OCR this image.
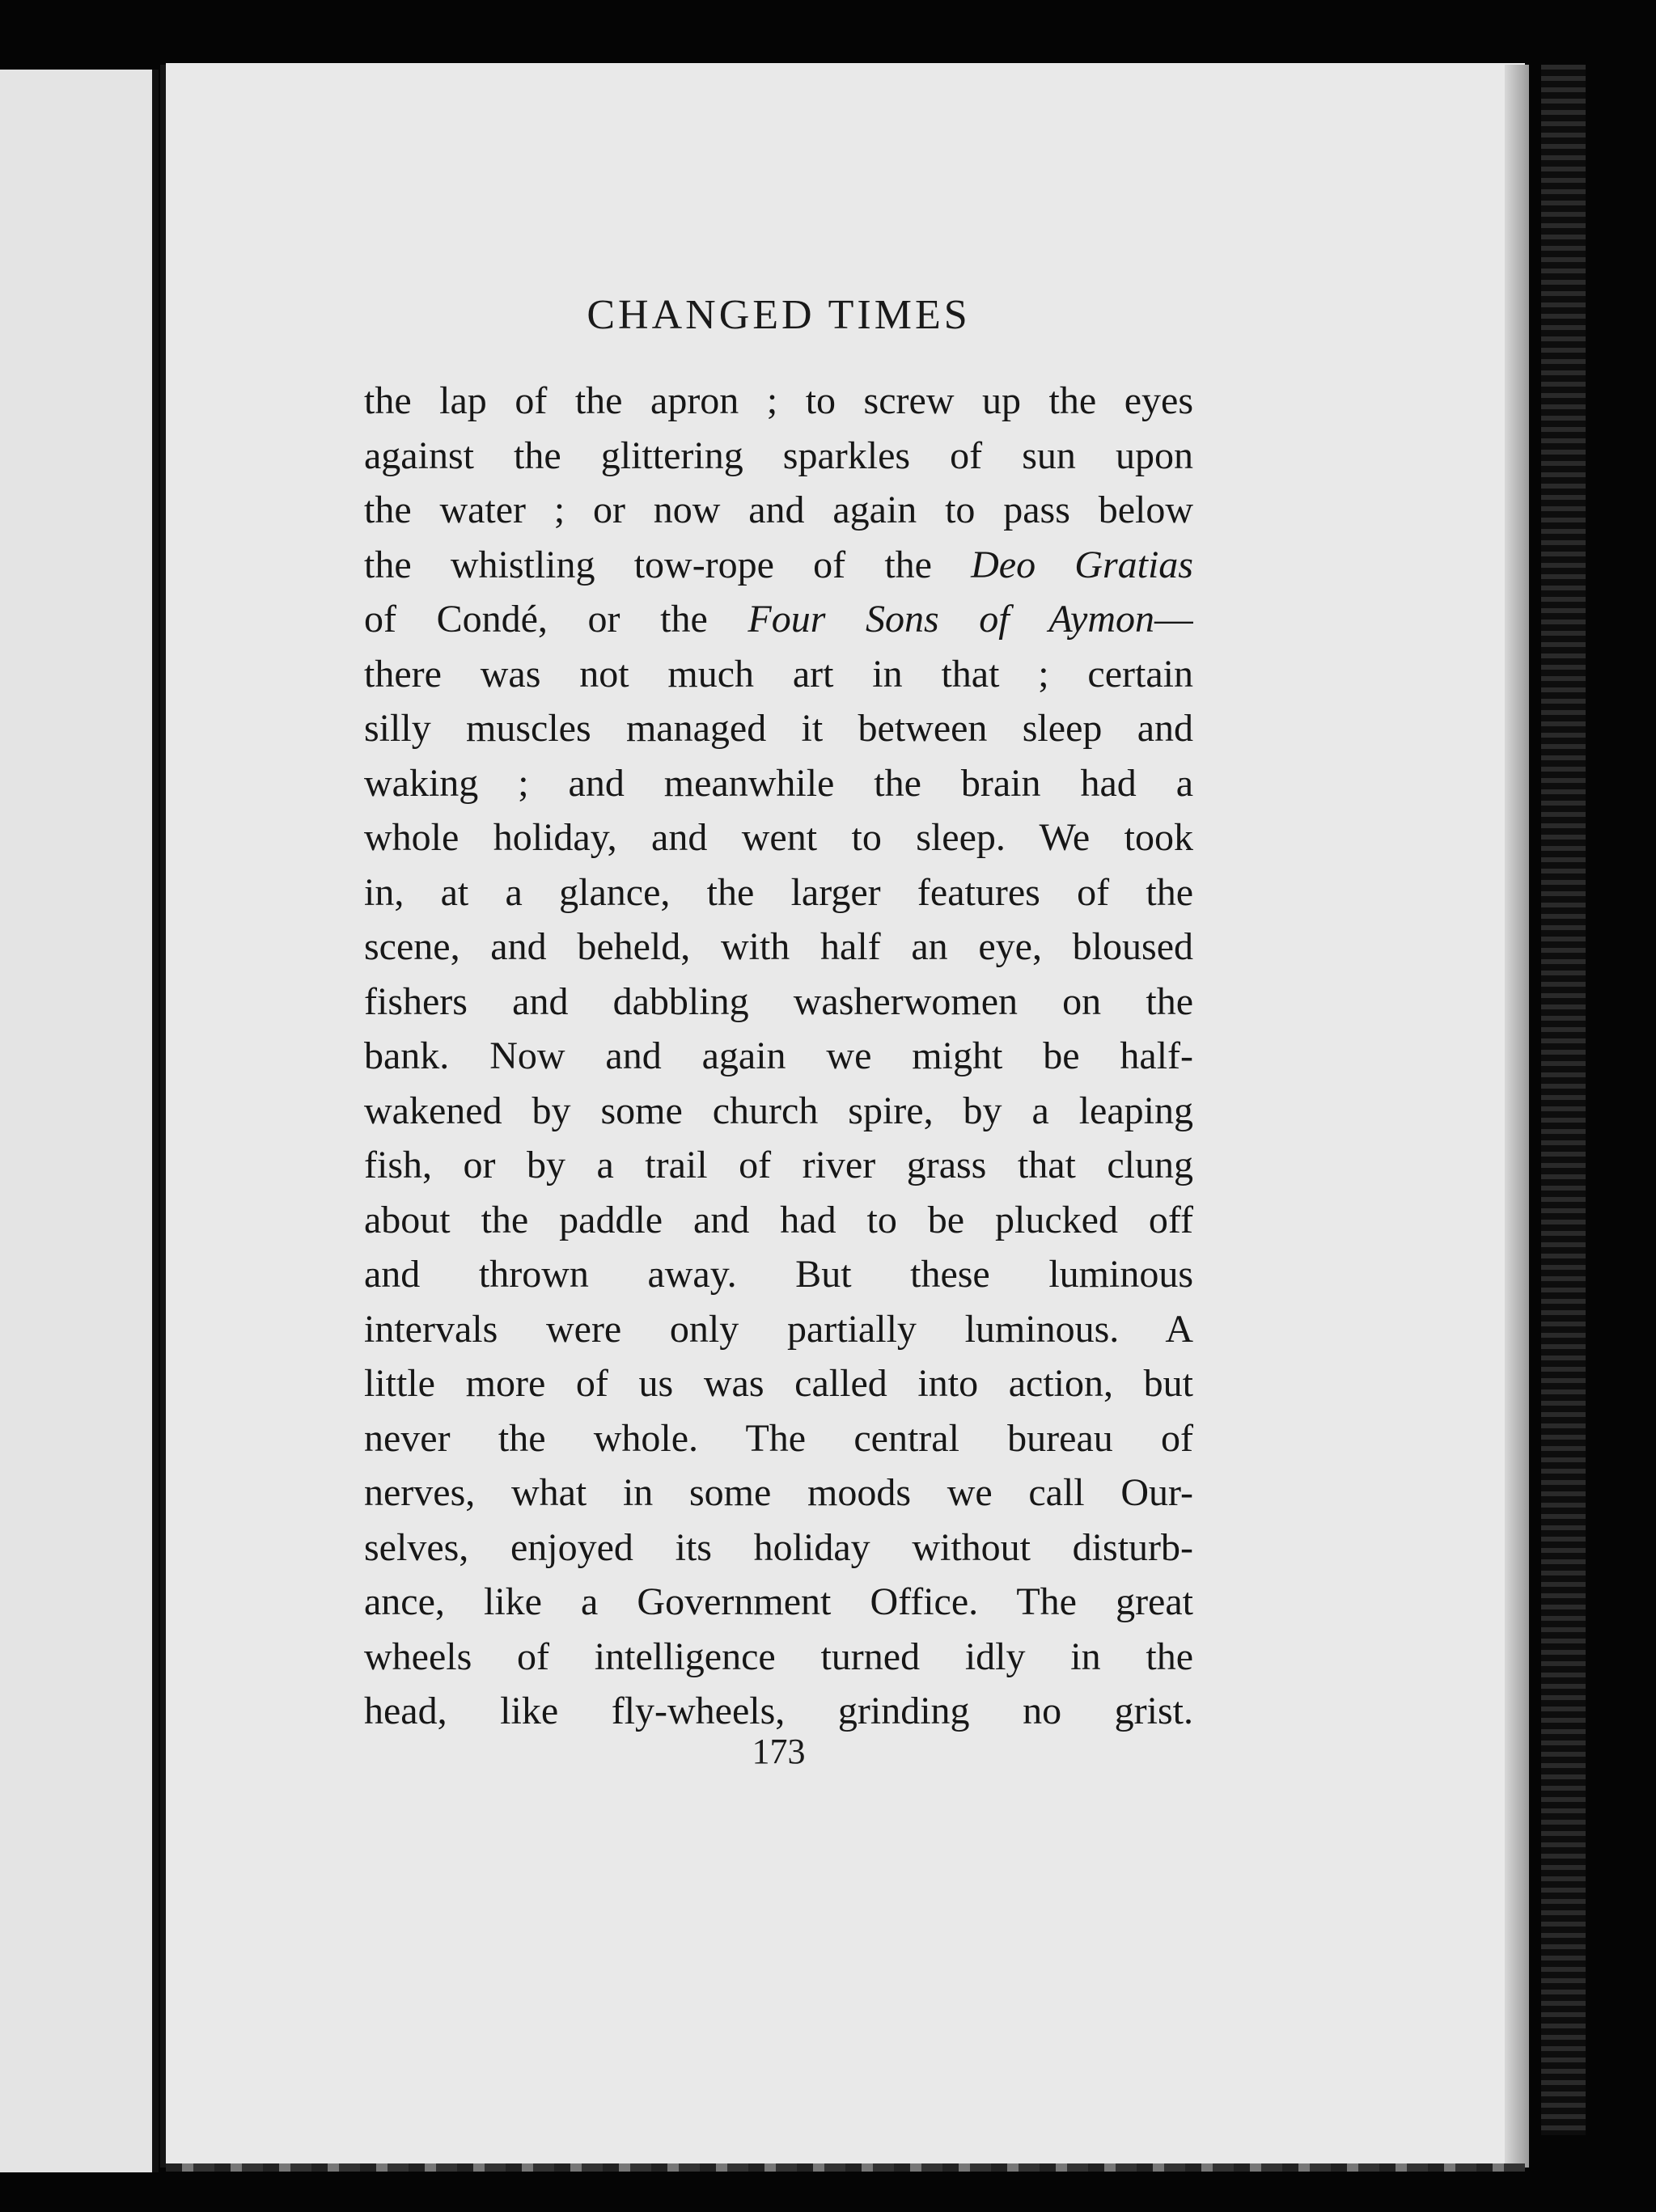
CHANGED TIMES
the lap of the apron ; to screw up the eyes
against the glittering sparkles of sun upon
the water ; or now and again to pass below
the whistling tow-rope of the Deo Gratias
of Condé, or the Four Sons of Aymon—
there was not much art in that ; certain
silly muscles managed it between sleep and
waking ; and meanwhile the brain had a
whole holiday, and went to sleep. We took
in, at a glance, the larger features of the
scene, and beheld, with half an eye, bloused
fishers and dabbling washerwomen on the
bank. Now and again we might be half-
wakened by some church spire, by a leaping
fish, or by a trail of river grass that clung
about the paddle and had to be plucked off
and thrown away. But these luminous
intervals were only partially luminous. A
little more of us was called into action, but
never the whole. The central bureau of
nerves, what in some moods we call Our-
selves, enjoyed its holiday without disturb-
ance, like a Government Office. The great
wheels of intelligence turned idly in the
head, like fly-wheels, grinding no grist.
173
